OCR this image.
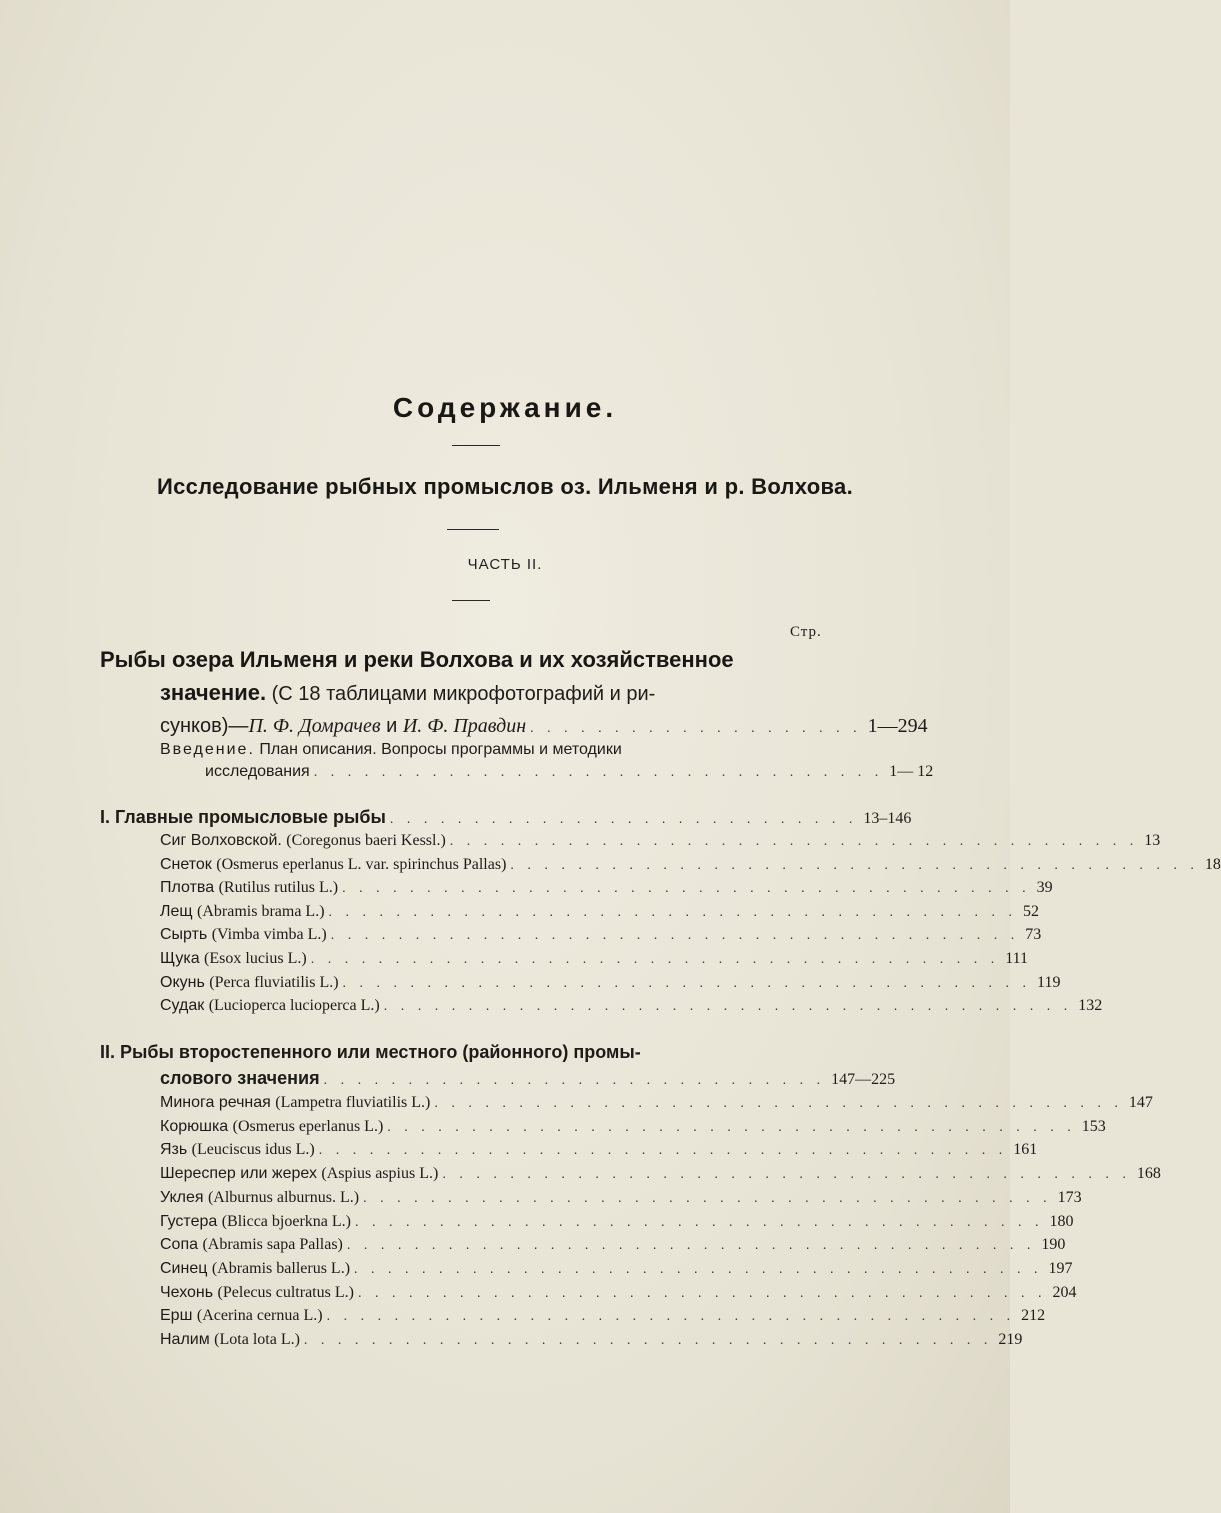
Содержание.
Исследование рыбных промыслов оз. Ильменя и р. Волхова.
ЧАСТЬ II.
Стр.
Рыбы озера Ильменя и реки Волхова и их хозяйственное
значение. (С 18 таблицами микрофотографий и ри-
сунков)—П. Ф. Домрачев и И. Ф. Правдин . . . . . . . . . . . . . . . . . . . . 1—294
Введение. План описания. Вопросы программы и методики
исследования . . . . . . . . . . . . . . . . . . . . . . . . . . . . . . . . . . 1— 12
I. Главные промысловые рыбы . . . . . . . . . . . . . . . . . . . . . . . . . . . . 13–146
Сиг Волховской. (Coregonus baeri Kessl.) . . . . . . . . . . . . . . . . . . . . . . . . . . . . . . . . . . . . . . . . . 13
Снеток (Osmerus eperlanus L. var. spirinchus Pallas) . . . . . . . . . . . . . . . . . . . . . . . . . . . . . . . . . . . . . . . . . 18
Плотва (Rutilus rutilus L.) . . . . . . . . . . . . . . . . . . . . . . . . . . . . . . . . . . . . . . . . . 39
Лещ (Abramis brama L.) . . . . . . . . . . . . . . . . . . . . . . . . . . . . . . . . . . . . . . . . . 52
Сырть (Vimba vimba L.) . . . . . . . . . . . . . . . . . . . . . . . . . . . . . . . . . . . . . . . . . 73
Щука (Esox lucius L.) . . . . . . . . . . . . . . . . . . . . . . . . . . . . . . . . . . . . . . . . . 111
Окунь (Perca fluviatilis L.) . . . . . . . . . . . . . . . . . . . . . . . . . . . . . . . . . . . . . . . . . 119
Судак (Lucioperca lucioperca L.) . . . . . . . . . . . . . . . . . . . . . . . . . . . . . . . . . . . . . . . . . 132
II. Рыбы второстепенного или местного (районного) промы-
слового значения . . . . . . . . . . . . . . . . . . . . . . . . . . . . . . 147—225
Минога речная (Lampetra fluviatilis L.) . . . . . . . . . . . . . . . . . . . . . . . . . . . . . . . . . . . . . . . . . 147
Корюшка (Osmerus eperlanus L.) . . . . . . . . . . . . . . . . . . . . . . . . . . . . . . . . . . . . . . . . . 153
Язь (Leuciscus idus L.) . . . . . . . . . . . . . . . . . . . . . . . . . . . . . . . . . . . . . . . . . 161
Шереспер или жерех (Aspius aspius L.) . . . . . . . . . . . . . . . . . . . . . . . . . . . . . . . . . . . . . . . . . 168
Уклея (Alburnus alburnus. L.) . . . . . . . . . . . . . . . . . . . . . . . . . . . . . . . . . . . . . . . . . 173
Густера (Blicca bjoerkna L.) . . . . . . . . . . . . . . . . . . . . . . . . . . . . . . . . . . . . . . . . . 180
Сопа (Abramis sapa Pallas) . . . . . . . . . . . . . . . . . . . . . . . . . . . . . . . . . . . . . . . . . 190
Синец (Abramis ballerus L.) . . . . . . . . . . . . . . . . . . . . . . . . . . . . . . . . . . . . . . . . . 197
Чехонь (Pelecus cultratus L.) . . . . . . . . . . . . . . . . . . . . . . . . . . . . . . . . . . . . . . . . . 204
Ерш (Acerina cernua L.) . . . . . . . . . . . . . . . . . . . . . . . . . . . . . . . . . . . . . . . . . 212
Налим (Lota lota L.) . . . . . . . . . . . . . . . . . . . . . . . . . . . . . . . . . . . . . . . . . 219
